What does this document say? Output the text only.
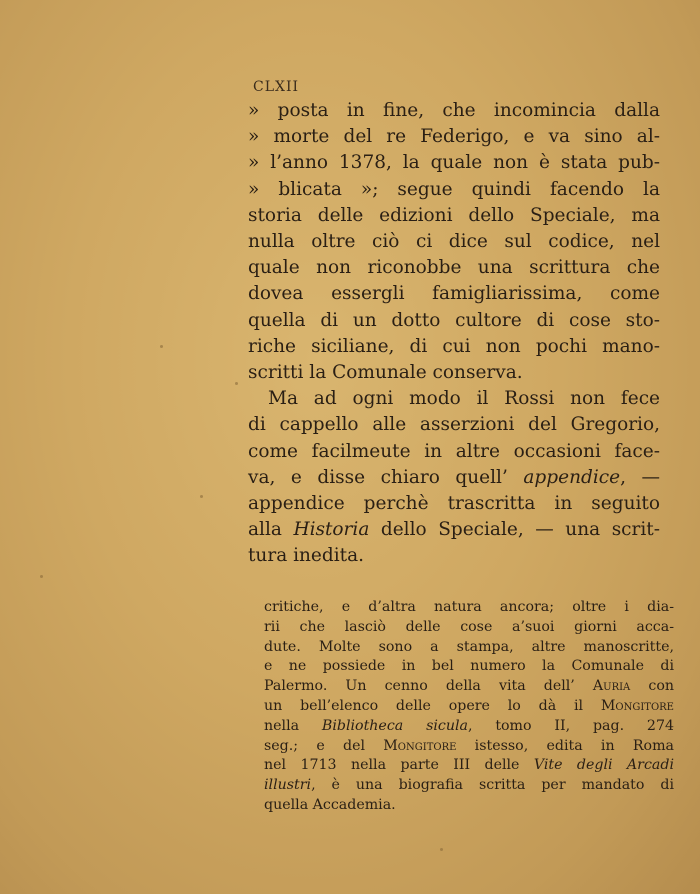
CLXII
» posta in fine, che incomincia dalla
» morte del re Federigo, e va sino al-
» l’anno 1378, la quale non è stata pub-
» blicata »; segue quindi facendo la
storia delle edizioni dello Speciale, ma
nulla oltre ciò ci dice sul codice, nel
quale non riconobbe una scrittura che
dovea essergli famigliarissima, come
quella di un dotto cultore di cose sto-
riche siciliane, di cui non pochi mano-
scritti la Comunale conserva.
Ma ad ogni modo il Rossi non fece
di cappello alle asserzioni del Gregorio,
come facilmeute in altre occasioni face-
va, e disse chiaro quell’ appendice, —
appendice perchè trascritta in seguito
alla Historia dello Speciale, — una scrit-
tura inedita.
critiche, e d’altra natura ancora; oltre i dia-
rii che lasciò delle cose a’suoi giorni acca-
dute. Molte sono a stampa, altre manoscritte,
e ne possiede in bel numero la Comunale di
Palermo. Un cenno della vita dell’ Auria con
un bell’elenco delle opere lo dà il Mongitore
nella Bibliotheca sicula, tomo II, pag. 274
seg.; e del Mongitore istesso, edita in Roma
nel 1713 nella parte III delle Vite degli Arcadi
illustri, è una biografia scritta per mandato di
quella Accademia.
